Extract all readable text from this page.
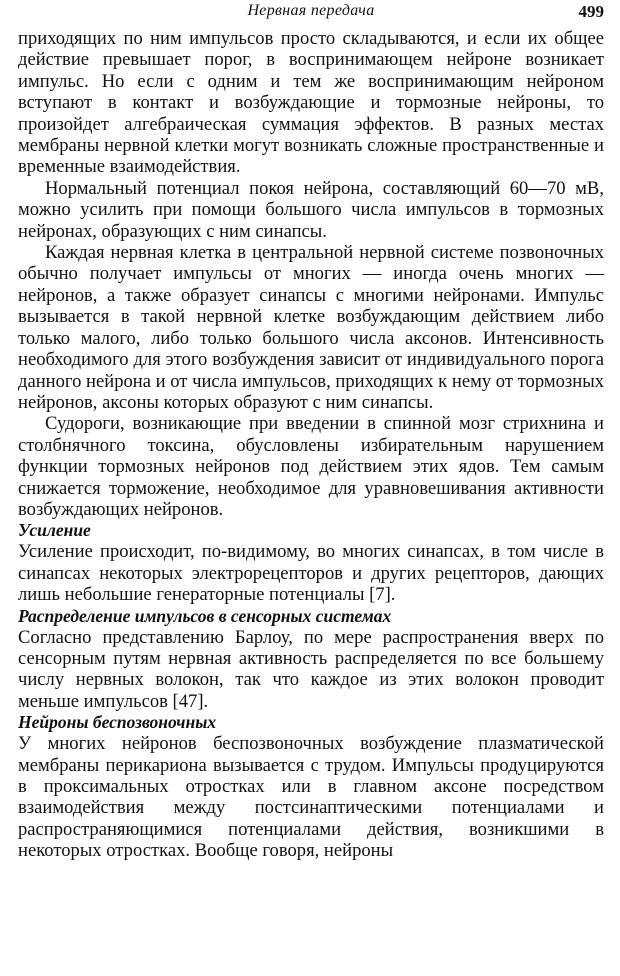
Нервная передача	499

приходящих по ним импульсов просто складываются, и если их общее действие превышает порог, в воспринимающем нейроне возникает импульс. Но если с одним и тем же воспринимающим нейроном вступают в контакт и возбуждающие и тормозные нейроны, то произойдет алгебраическая суммация эффектов. В разных местах мембраны нервной клетки могут возникать сложные пространственные и временные взаимодействия.

Нормальный потенциал покоя нейрона, составляющий 60—70 мВ, можно усилить при помощи большого числа импульсов в тормозных нейронах, образующих с ним синапсы.

Каждая нервная клетка в центральной нервной системе позвоночных обычно получает импульсы от многих — иногда очень многих — нейронов, а также образует синапсы с многими нейронами. Импульс вызывается в такой нервной клетке возбуждающим действием либо только малого, либо только большого числа аксонов. Интенсивность необходимого для этого возбуждения зависит от индивидуального порога данного нейрона и от числа импульсов, приходящих к нему от тормозных нейронов, аксоны которых образуют с ним синапсы.

Судороги, возникающие при введении в спинной мозг стрихнина и столбнячного токсина, обусловлены избирательным нарушением функции тормозных нейронов под действием этих ядов. Тем самым снижается торможение, необходимое для уравновешивания активности возбуждающих нейронов.

Усиление

Усиление происходит, по-видимому, во многих синапсах, в том числе в синапсах некоторых электрорецепторов и других рецепторов, дающих лишь небольшие генераторные потенциалы [7].

Распределение импульсов в сенсорных системах

Согласно представлению Барлоу, по мере распространения вверх по сенсорным путям нервная активность распределяется по все большему числу нервных волокон, так что каждое из этих волокон проводит меньше импульсов [47].

Нейроны беспозвоночных

У многих нейронов беспозвоночных возбуждение плазматической мембраны перикариона вызывается с трудом. Импульсы продуцируются в проксимальных отростках или в главном аксоне посредством взаимодействия между постсинаптическими потенциалами и распространяющимися потенциалами действия, возникшими в некоторых отростках. Вообще говоря, нейроны
